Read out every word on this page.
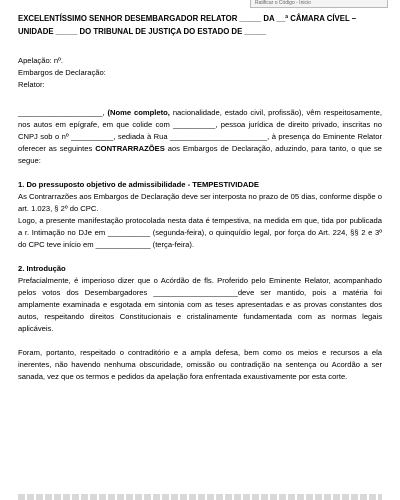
Ratificar o Código - Inicio
EXCELENTÍSSIMO SENHOR DESEMBARGADOR RELATOR _____ DA __ª CÂMARA CÍVEL – UNIDADE _____ DO TRIBUNAL DE JUSTIÇA DO ESTADO DE _____
Apelação: nº.
Embargos de Declaração:
Relator:

____________________, (Nome completo, nacionalidade, estado civil, profissão), vêm respeitosamente, nos autos em epígrafe, em que colide com __________, pessoa jurídica de direito privado, inscritas no CNPJ sob o nº __________, sediada à Rua _______________________, à presença do Eminente Relator oferecer as seguintes CONTRARRAZÕES aos Embargos de Declaração, aduzindo, para tanto, o que se segue:

1. Do pressuposto objetivo de admissibilidade - TEMPESTIVIDADE

As Contrarrazões aos Embargos de Declaração deve ser interposta no prazo de 05 dias, conforme dispõe o art. 1.023, § 2º do CPC.

Logo, a presente manifestação protocolada nesta data é tempestiva, na medida em que, tida por publicada a r. Intimação no DJe em __________ (segunda-feira), o quinquídio legal, por força do Art. 224, §§ 2 e 3º do CPC teve início em _____________ (terça-feira).

2. Introdução

Prefacialmente, é imperioso dizer que o Acórdão de fls. Proferido pelo Eminente Relator, acompanhado pelos votos dos Desembargadores ____________________deve ser mantido, pois a matéria foi amplamente examinada e esgotada em sintonia com as teses apresentadas e as provas constantes dos autos, respeitando direitos Constitucionais e cristalinamente fundamentada com as normas legais aplicáveis.

Foram, portanto, respeitado o contraditório e a ampla defesa, bem como os meios e recursos a ela inerentes, não havendo nenhuma obscuridade, omissão ou contradição na sentença ou Acordão a ser sanada, vez que os termos e pedidos da apelação fora enfrentada exaustivamente por esta corte.
